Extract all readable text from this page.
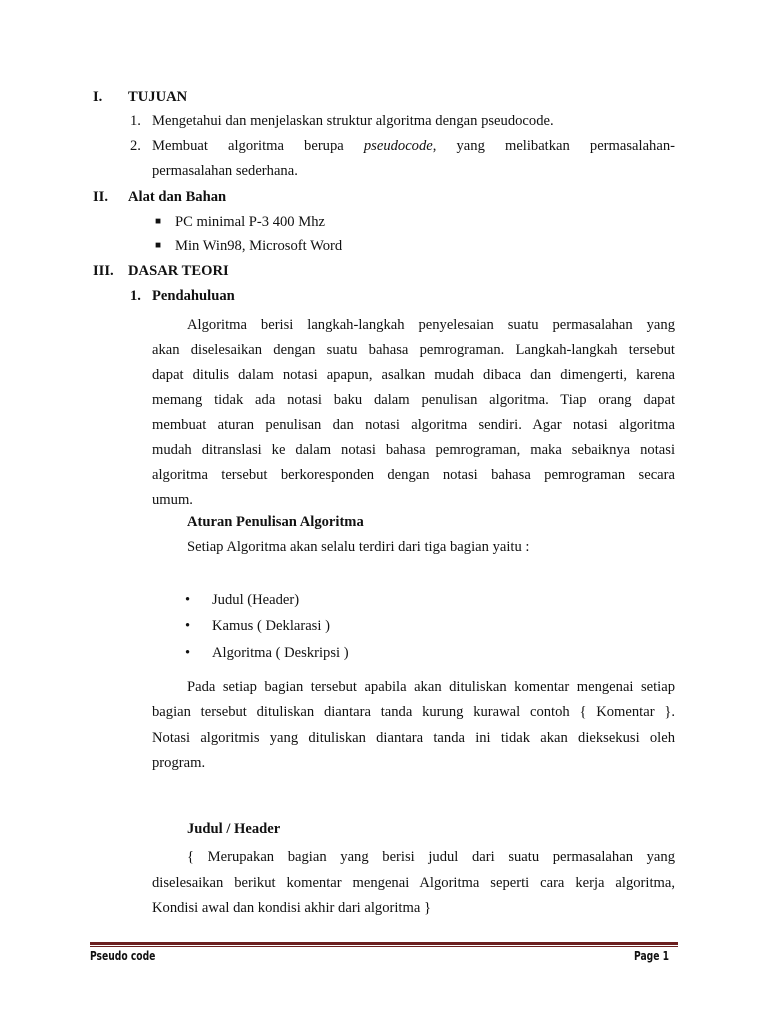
I. TUJUAN
1. Mengetahui dan menjelaskan struktur algoritma dengan pseudocode.
2. Membuat algoritma berupa pseudocode, yang melibatkan permasalahan-
permasalahan sederhana.
II. Alat dan Bahan
■ PC minimal P-3 400 Mhz
■ Min Win98, Microsoft Word
III. DASAR TEORI
1. Pendahuluan
Algoritma berisi langkah-langkah penyelesaian suatu permasalahan yang
akan diselesaikan dengan suatu bahasa pemrograman. Langkah-langkah tersebut
dapat ditulis dalam notasi apapun, asalkan mudah dibaca dan dimengerti, karena
memang tidak ada notasi baku dalam penulisan algoritma. Tiap orang dapat
membuat aturan penulisan dan notasi algoritma sendiri. Agar notasi algoritma
mudah ditranslasi ke dalam notasi bahasa pemrograman, maka sebaiknya notasi
algoritma tersebut berkoresponden dengan notasi bahasa pemrograman secara
umum.
Aturan Penulisan Algoritma
Setiap Algoritma akan selalu terdiri dari tiga bagian yaitu :
• Judul (Header)
• Kamus ( Deklarasi )
• Algoritma ( Deskripsi )
Pada setiap bagian tersebut apabila akan dituliskan komentar mengenai setiap
bagian tersebut dituliskan diantara tanda kurung kurawal contoh { Komentar }.
Notasi algoritmis yang dituliskan diantara tanda ini tidak akan dieksekusi oleh
program.
Judul / Header
{ Merupakan bagian yang berisi judul dari suatu permasalahan yang
diselesaikan berikut komentar mengenai Algoritma seperti cara kerja algoritma,
Kondisi awal dan kondisi akhir dari algoritma }
Pseudo code	Page 1
